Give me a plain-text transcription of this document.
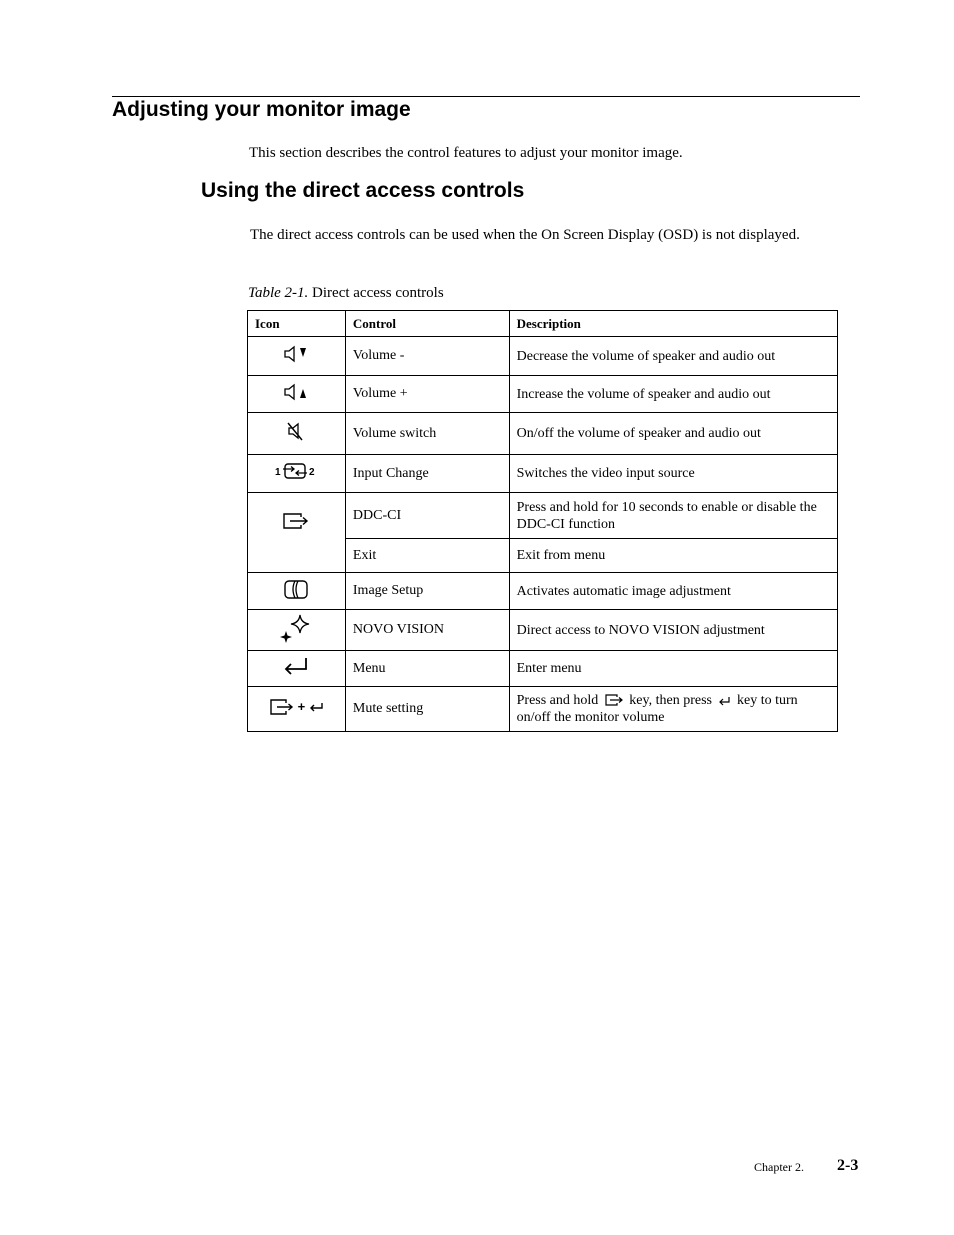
Adjusting your monitor image

This section describes the control features to adjust your monitor image.

Using the direct access controls

The direct access controls can be used when the On Screen Display (OSD) is not displayed.

Table 2-1. Direct access controls

Icon	Control	Description
	Volume -	Decrease the volume of speaker and audio out
	Volume +	Increase the volume of speaker and audio out
	Volume switch	On/off the volume of speaker and audio out

1 2	Input Change	Switches the video input source
	DDC-CI	Press and hold for 10 seconds to enable or disable the DDC-CI function
	Exit	Exit from menu
	Image Setup	Activates automatic image adjustment
	NOVO VISION	Direct access to NOVO VISION adjustment
	Menu	Enter menu

+	Mute setting	Press and hold  key, then press  key to turn on/off the monitor volume
Chapter 2. 2-3
